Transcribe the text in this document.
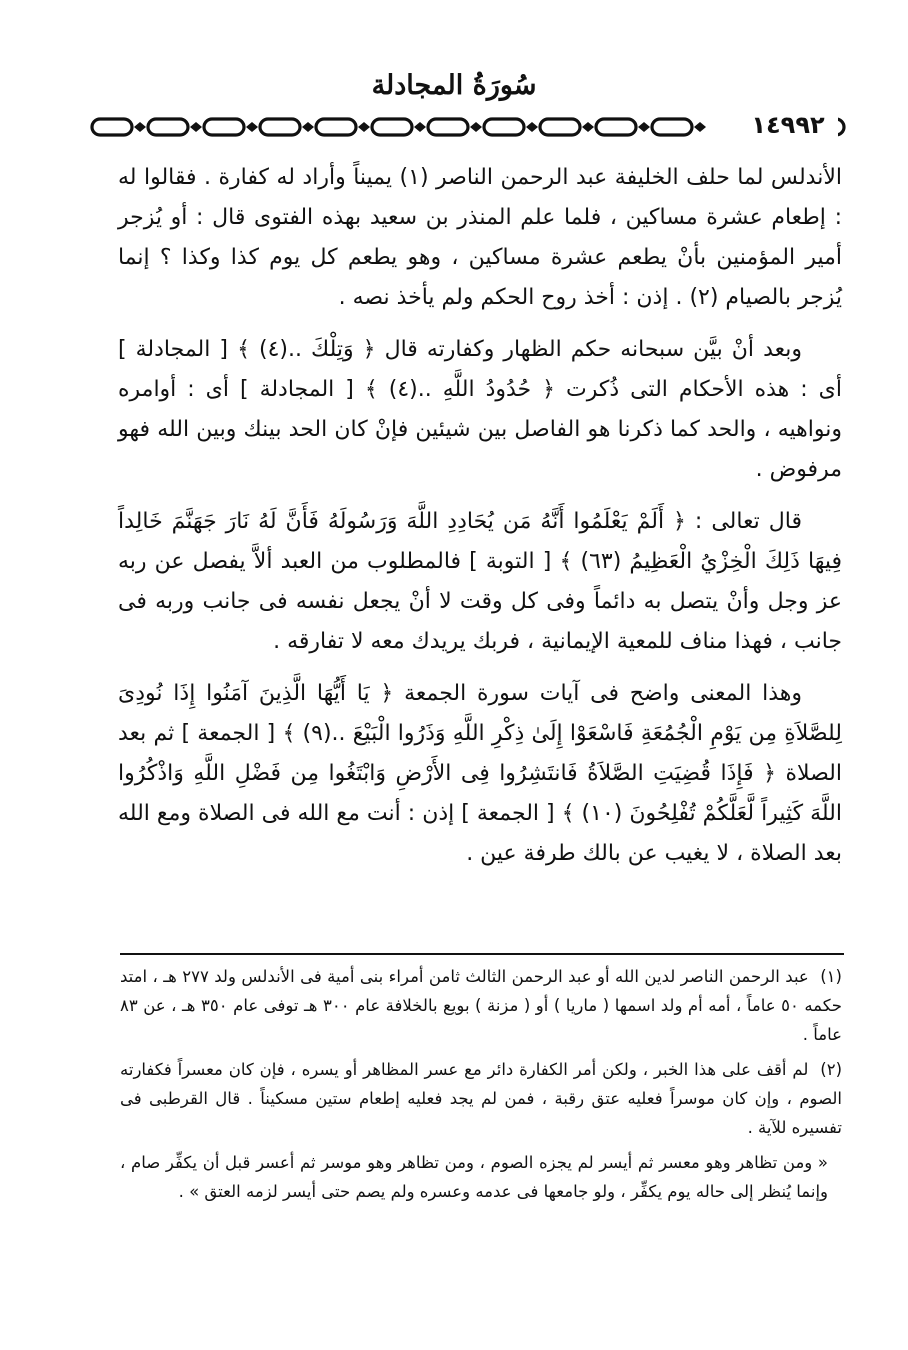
سُورَةُ المجادلة
١٤٩٩٢

الأندلس لما حلف الخليفة عبد الرحمن الناصر (١) يميناً وأراد له كفارة . فقالوا له : إطعام عشرة مساكين ، فلما علم المنذر بن سعيد بهذه الفتوى قال : أو يُزجر أمير المؤمنين بأنْ يطعم عشرة مساكين ، وهو يطعم كل يوم كذا وكذا ؟ إنما يُزجر بالصيام (٢) . إذن : أخذ روح الحكم ولم يأخذ نصه .

وبعد أنْ بيَّن سبحانه حكم الظهار وكفارته قال ﴿ وَتِلْكَ ..(٤) ﴾ [ المجادلة ] أى : هذه الأحكام التى ذُكرت ﴿ حُدُودُ اللَّهِ ..(٤) ﴾ [ المجادلة ] أى : أوامره ونواهيه ، والحد كما ذكرنا هو الفاصل بين شيئين فإنْ كان الحد بينك وبين الله فهو مرفوض .

قال تعالى : ﴿ أَلَمْ يَعْلَمُوا أَنَّهُ مَن يُحَادِدِ اللَّهَ وَرَسُولَهُ فَأَنَّ لَهُ نَارَ جَهَنَّمَ خَالِداً فِيهَا ذَلِكَ الْخِزْيُ الْعَظِيمُ (٦٣) ﴾ [ التوبة ] فالمطلوب من العبد ألاَّ يفصل عن ربه عز وجل وأنْ يتصل به دائماً وفى كل وقت لا أنْ يجعل نفسه فى جانب وربه فى جانب ، فهذا مناف للمعية الإيمانية ، فربك يريدك معه لا تفارقه .

وهذا المعنى واضح فى آيات سورة الجمعة ﴿ يَا أَيُّهَا الَّذِينَ آمَنُوا إِذَا نُودِىَ لِلصَّلاَةِ مِن يَوْمِ الْجُمُعَةِ فَاسْعَوْا إِلَىٰ ذِكْرِ اللَّهِ وَذَرُوا الْبَيْعَ ..(٩) ﴾ [ الجمعة ] ثم بعد الصلاة ﴿ فَإِذَا قُضِيَتِ الصَّلاَةُ فَانتَشِرُوا فِى الأَرْضِ وَابْتَغُوا مِن فَضْلِ اللَّهِ وَاذْكُرُوا اللَّهَ كَثِيراً لَّعَلَّكُمْ تُفْلِحُونَ (١٠) ﴾ [ الجمعة ] إذن : أنت مع الله فى الصلاة ومع الله بعد الصلاة ، لا يغيب عن بالك طرفة عين .

(١) عبد الرحمن الناصر لدين الله أو عبد الرحمن الثالث ثامن أمراء بنى أمية فى الأندلس ولد ٢٧٧ هـ ، امتد حكمه ٥٠ عاماً ، أمه أم ولد اسمها ( ماريا ) أو ( مزنة ) بويع بالخلافة عام ٣٠٠ هـ توفى عام ٣٥٠ هـ ، عن ٨٣ عاماً .

(٢) لم أقف على هذا الخبر ، ولكن أمر الكفارة دائر مع عسر المظاهر أو يسره ، فإن كان معسراً فكفارته الصوم ، وإن كان موسراً فعليه عتق رقبة ، فمن لم يجد فعليه إطعام ستين مسكيناً . قال القرطبى فى تفسيره للآية .

« ومن تظاهر وهو معسر ثم أيسر لم يجزه الصوم ، ومن تظاهر وهو موسر ثم أعسر قبل أن يكفِّر صام ، وإنما يُنظر إلى حاله يوم يكفِّر ، ولو جامعها فى عدمه وعسره ولم يصم حتى أيسر لزمه العتق » .
